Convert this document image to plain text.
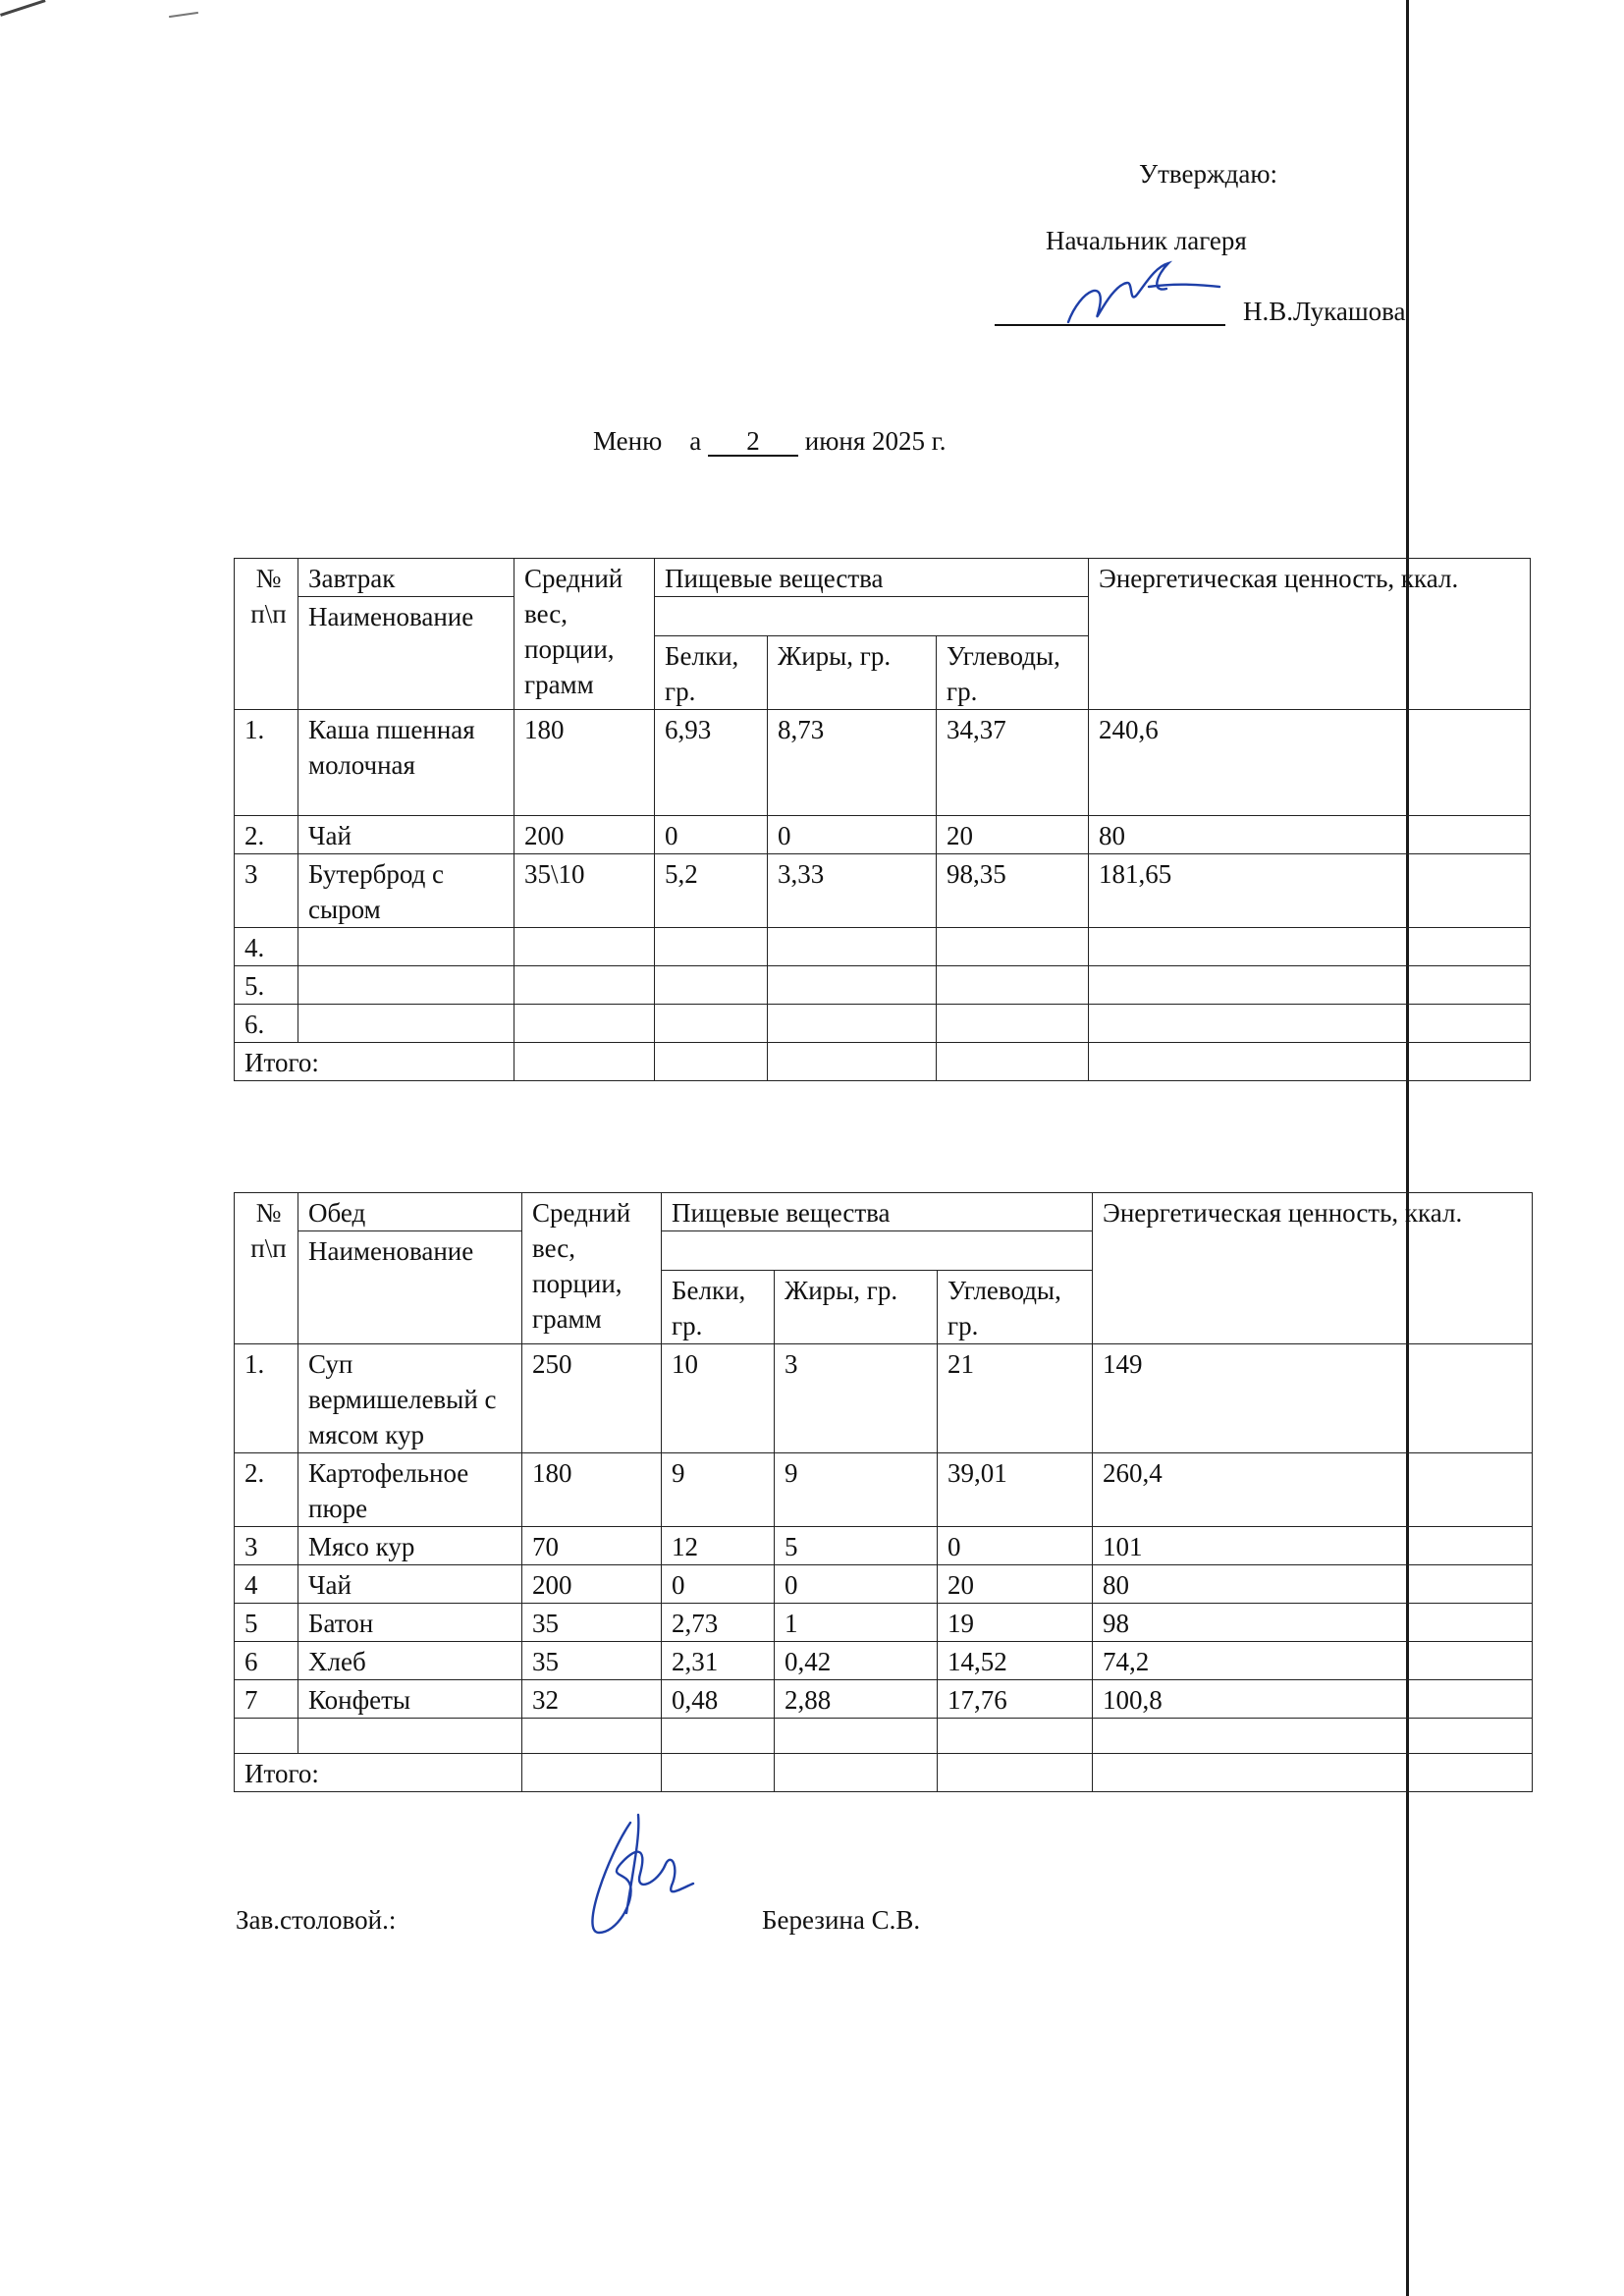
Утверждаю:
Начальник лагеря
Н.В.Лукашова
Меню а 2 июня 2025 г.
№ п\п	Завтрак	Средний вес, порции, грамм	Пищевые вещества			Энергетическая ценность, ккал.
	Наименование					
			Белки, гр.	Жиры, гр.	Углеводы, гр.	
1.	Каша пшенная молочная	180	6,93	8,73	34,37	240,6
2.	Чай	200	0	0	20	80
3	Бутерброд с сыром	35\10	5,2	3,33	98,35	181,65
4.						
5.						
6.						
Итого:						
№ п\п	Обед	Средний вес, порции, грамм	Пищевые вещества			Энергетическая ценность, ккал.
	Наименование					
			Белки, гр.	Жиры, гр.	Углеводы, гр.	
1.	Суп вермишелевый с мясом кур	250	10	3	21	149
2.	Картофельное пюре	180	9	9	39,01	260,4
3	Мясо кур	70	12	5	0	101
4	Чай	200	0	0	20	80
5	Батон	35	2,73	1	19	98
6	Хлеб	35	2,31	0,42	14,52	74,2
7	Конфеты	32	0,48	2,88	17,76	100,8

Итого:						
Зав.столовой.:	Березина С.В.
